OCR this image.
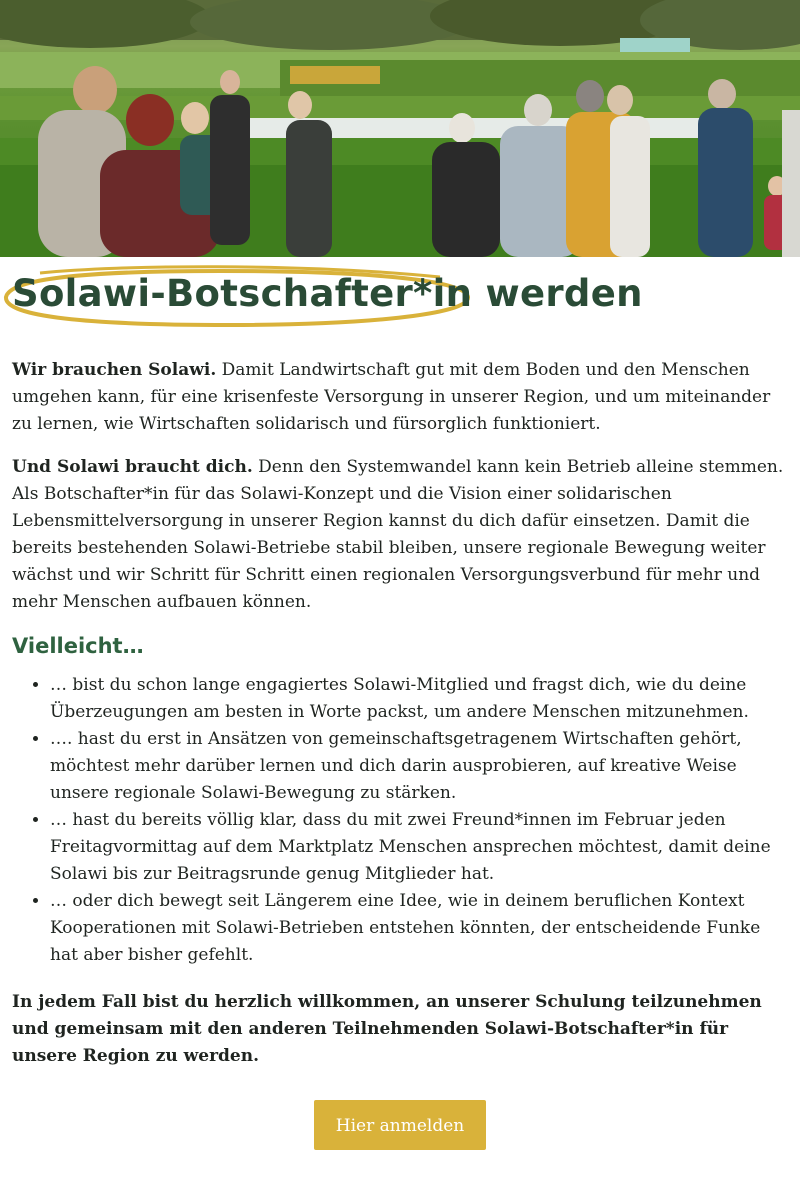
Solawi-Botschafter*in werden

Wir brauchen Solawi. Damit Landwirtschaft gut mit dem Boden und den Menschen umgehen kann, für eine krisenfeste Versorgung in unserer Region, und um miteinander zu lernen, wie Wirtschaften solidarisch und fürsorglich funktioniert.

Und Solawi braucht dich. Denn den Systemwandel kann kein Betrieb alleine stemmen. Als Botschafter*in für das Solawi-Konzept und die Vision einer solidarischen Lebensmittelversorgung in unserer Region kannst du dich dafür einsetzen. Damit die bereits bestehenden Solawi-Betriebe stabil bleiben, unsere regionale Bewegung weiter wächst und wir Schritt für Schritt einen regionalen Versorgungsverbund für mehr und mehr Menschen aufbauen können.

Vielleicht…
• … bist du schon lange engagiertes Solawi-Mitglied und fragst dich, wie du deine Überzeugungen am besten in Worte packst, um andere Menschen mitzunehmen.
• …. hast du erst in Ansätzen von gemeinschaftsgetragenem Wirtschaften gehört, möchtest mehr darüber lernen und dich darin ausprobieren, auf kreative Weise unsere regionale Solawi-Bewegung zu stärken.
• … hast du bereits völlig klar, dass du mit zwei Freund*innen im Februar jeden Freitagvormittag auf dem Marktplatz Menschen ansprechen möchtest, damit deine Solawi bis zur Beitragsrunde genug Mitglieder hat.
• … oder dich bewegt seit Längerem eine Idee, wie in deinem beruflichen Kontext Kooperationen mit Solawi-Betrieben entstehen könnten, der entscheidende Funke hat aber bisher gefehlt.

In jedem Fall bist du herzlich willkommen, an unserer Schulung teilzunehmen und gemeinsam mit den anderen Teilnehmenden Solawi-Botschafter*in für unsere Region zu werden.

Hier anmelden
